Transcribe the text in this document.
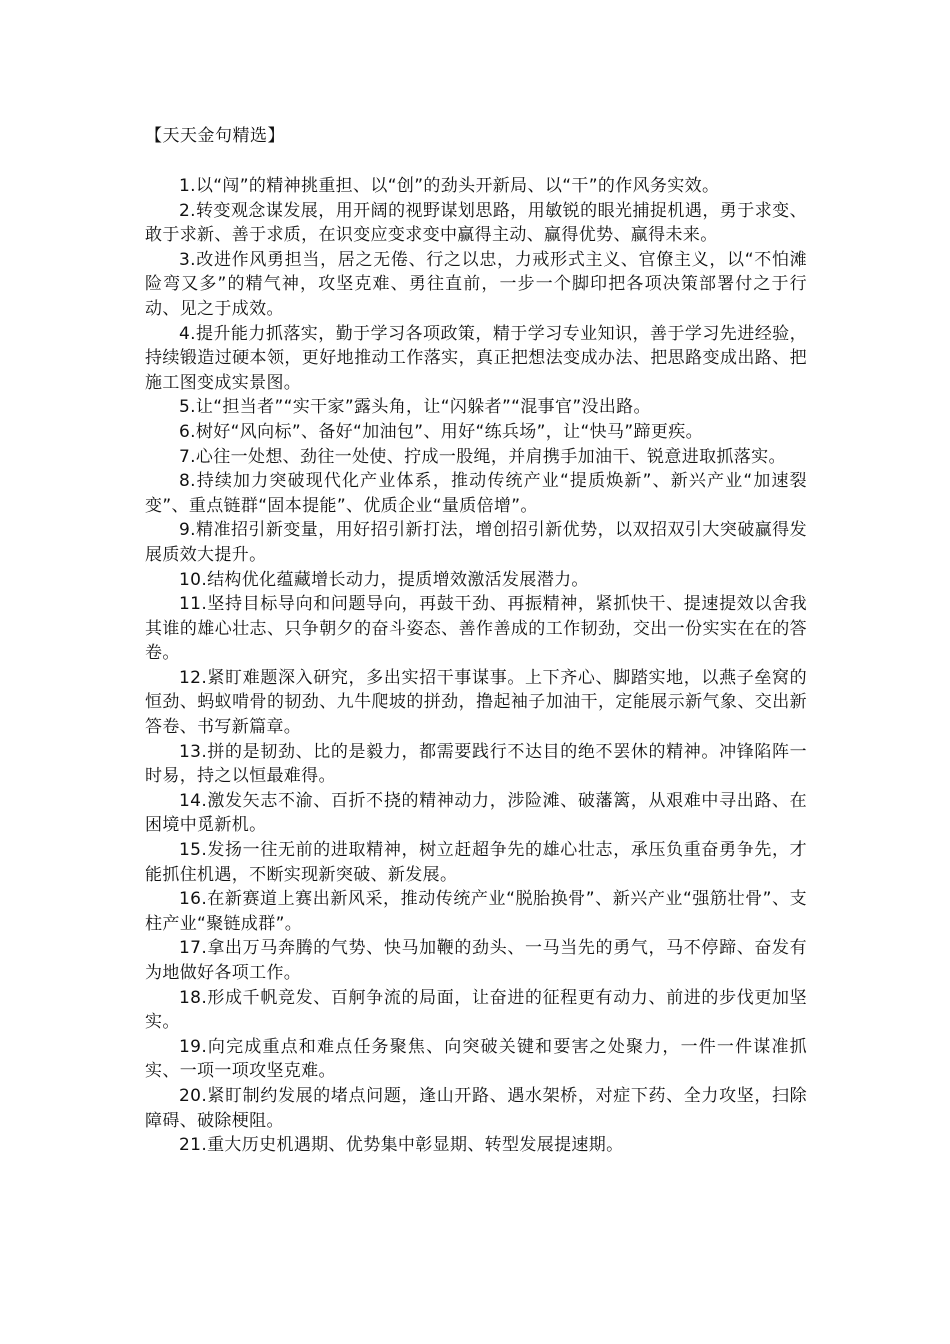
【天天金句精选】

1.以“闯”的精神挑重担、以“创”的劲头开新局、以“干”的作风务实效。

2.转变观念谋发展，用开阔的视野谋划思路，用敏锐的眼光捕捉机遇，勇于求变、敢于求新、善于求质，在识变应变求变中赢得主动、赢得优势、赢得未来。

3.改进作风勇担当，居之无倦、行之以忠，力戒形式主义、官僚主义，以“不怕滩险弯又多”的精气神，攻坚克难、勇往直前，一步一个脚印把各项决策部署付之于行动、见之于成效。

4.提升能力抓落实，勤于学习各项政策，精于学习专业知识，善于学习先进经验，持续锻造过硬本领，更好地推动工作落实，真正把想法变成办法、把思路变成出路、把施工图变成实景图。

5.让“担当者”“实干家”露头角，让“闪躲者”“混事官”没出路。

6.树好“风向标”、备好“加油包”、用好“练兵场”，让“快马”蹄更疾。

7.心往一处想、劲往一处使、拧成一股绳，并肩携手加油干、锐意进取抓落实。

8.持续加力突破现代化产业体系，推动传统产业“提质焕新”、新兴产业“加速裂变”、重点链群“固本提能”、优质企业“量质倍增”。

9.精准招引新变量，用好招引新打法，增创招引新优势，以双招双引大突破赢得发展质效大提升。

10.结构优化蕴藏增长动力，提质增效激活发展潜力。

11.坚持目标导向和问题导向，再鼓干劲、再振精神，紧抓快干、提速提效以舍我其谁的雄心壮志、只争朝夕的奋斗姿态、善作善成的工作韧劲，交出一份实实在在的答卷。

12.紧盯难题深入研究，多出实招干事谋事。上下齐心、脚踏实地，以燕子垒窝的恒劲、蚂蚁啃骨的韧劲、九牛爬坡的拼劲，撸起袖子加油干，定能展示新气象、交出新答卷、书写新篇章。

13.拼的是韧劲、比的是毅力，都需要践行不达目的绝不罢休的精神。冲锋陷阵一时易，持之以恒最难得。

14.激发矢志不渝、百折不挠的精神动力，涉险滩、破藩篱，从艰难中寻出路、在困境中觅新机。

15.发扬一往无前的进取精神，树立赶超争先的雄心壮志，承压负重奋勇争先，才能抓住机遇，不断实现新突破、新发展。

16.在新赛道上赛出新风采，推动传统产业“脱胎换骨”、新兴产业“强筋壮骨”、支柱产业“聚链成群”。

17.拿出万马奔腾的气势、快马加鞭的劲头、一马当先的勇气，马不停蹄、奋发有为地做好各项工作。

18.形成千帆竞发、百舸争流的局面，让奋进的征程更有动力、前进的步伐更加坚实。

19.向完成重点和难点任务聚焦、向突破关键和要害之处聚力，一件一件谋准抓实、一项一项攻坚克难。

20.紧盯制约发展的堵点问题，逢山开路、遇水架桥，对症下药、全力攻坚，扫除障碍、破除梗阻。

21.重大历史机遇期、优势集中彰显期、转型发展提速期。
